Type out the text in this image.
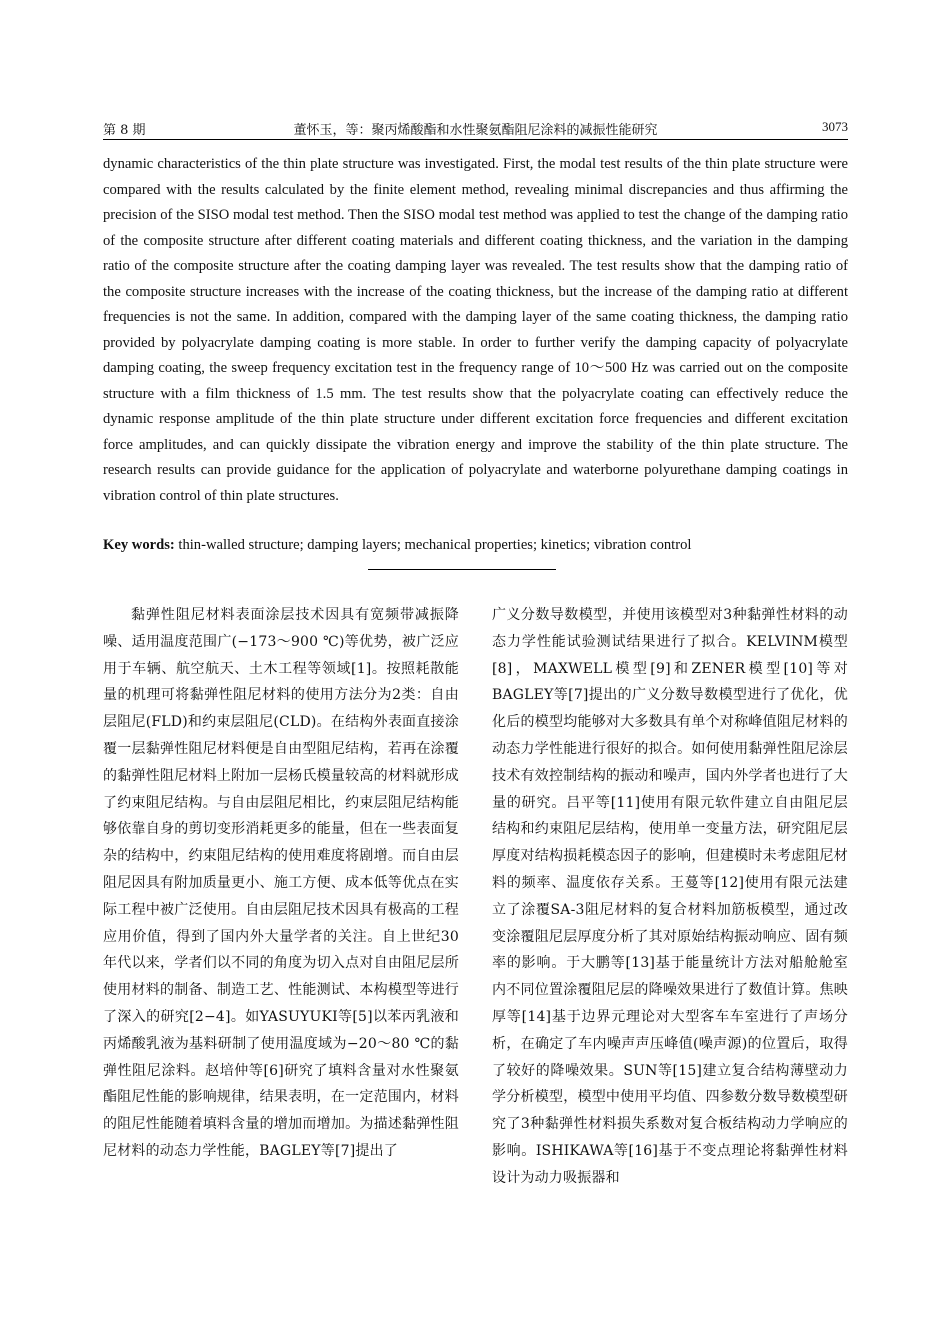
第 8 期	董怀玉，等：聚丙烯酸酯和水性聚氨酯阻尼涂料的减振性能研究	3073
dynamic characteristics of the thin plate structure was investigated. First, the modal test results of the thin plate structure were compared with the results calculated by the finite element method, revealing minimal discrepancies and thus affirming the precision of the SISO modal test method. Then the SISO modal test method was applied to test the change of the damping ratio of the composite structure after different coating materials and different coating thickness, and the variation in the damping ratio of the composite structure after the coating damping layer was revealed. The test results show that the damping ratio of the composite structure increases with the increase of the coating thickness, but the increase of the damping ratio at different frequencies is not the same. In addition, compared with the damping layer of the same coating thickness, the damping ratio provided by polyacrylate damping coating is more stable. In order to further verify the damping capacity of polyacrylate damping coating, the sweep frequency excitation test in the frequency range of 10～500 Hz was carried out on the composite structure with a film thickness of 1.5 mm. The test results show that the polyacrylate coating can effectively reduce the dynamic response amplitude of the thin plate structure under different excitation force frequencies and different excitation force amplitudes, and can quickly dissipate the vibration energy and improve the stability of the thin plate structure. The research results can provide guidance for the application of polyacrylate and waterborne polyurethane damping coatings in vibration control of thin plate structures.
Key words: thin-walled structure; damping layers; mechanical properties; kinetics; vibration control

黏弹性阻尼材料表面涂层技术因具有宽频带减振降噪、适用温度范围广(−173～900 ℃)等优势，被广泛应用于车辆、航空航天、土木工程等领域[1]。按照耗散能量的机理可将黏弹性阻尼材料的使用方法分为2类：自由层阻尼(FLD)和约束层阻尼(CLD)。在结构外表面直接涂覆一层黏弹性阻尼材料便是自由型阻尼结构，若再在涂覆的黏弹性阻尼材料上附加一层杨氏模量较高的材料就形成了约束阻尼结构。与自由层阻尼相比，约束层阻尼结构能够依靠自身的剪切变形消耗更多的能量，但在一些表面复杂的结构中，约束阻尼结构的使用难度将剧增。而自由层阻尼因具有附加质量更小、施工方便、成本低等优点在实际工程中被广泛使用。自由层阻尼技术因具有极高的工程应用价值，得到了国内外大量学者的关注。自上世纪30年代以来，学者们以不同的角度为切入点对自由阻尼层所使用材料的制备、制造工艺、性能测试、本构模型等进行了深入的研究[2−4]。如YASUYUKI等[5]以苯丙乳液和丙烯酸乳液为基料研制了使用温度域为−20～80 ℃的黏弹性阻尼涂料。赵培仲等[6]研究了填料含量对水性聚氨酯阻尼性能的影响规律，结果表明，在一定范围内，材料的阻尼性能随着填料含量的增加而增加。为描述黏弹性阻尼材料的动态力学性能，BAGLEY等[7]提出了

广义分数导数模型，并使用该模型对3种黏弹性材料的动态力学性能试验测试结果进行了拟合。KELVINM模型[8]，MAXWELL模型[9]和ZENER模型[10]等对BAGLEY等[7]提出的广义分数导数模型进行了优化，优化后的模型均能够对大多数具有单个对称峰值阻尼材料的动态力学性能进行很好的拟合。如何使用黏弹性阻尼涂层技术有效控制结构的振动和噪声，国内外学者也进行了大量的研究。吕平等[11]使用有限元软件建立自由阻尼层结构和约束阻尼层结构，使用单一变量方法，研究阻尼层厚度对结构损耗模态因子的影响，但建模时未考虑阻尼材料的频率、温度依存关系。王蔓等[12]使用有限元法建立了涂覆SA-3阻尼材料的复合材料加筋板模型，通过改变涂覆阻尼层厚度分析了其对原始结构振动响应、固有频率的影响。于大鹏等[13]基于能量统计方法对船舱舱室内不同位置涂覆阻尼层的降噪效果进行了数值计算。焦映厚等[14]基于边界元理论对大型客车车室进行了声场分析，在确定了车内噪声声压峰值(噪声源)的位置后，取得了较好的降噪效果。SUN等[15]建立复合结构薄壁动力学分析模型，模型中使用平均值、四参数分数导数模型研究了3种黏弹性材料损失系数对复合板结构动力学响应的影响。ISHIKAWA等[16]基于不变点理论将黏弹性材料设计为动力吸振器和
